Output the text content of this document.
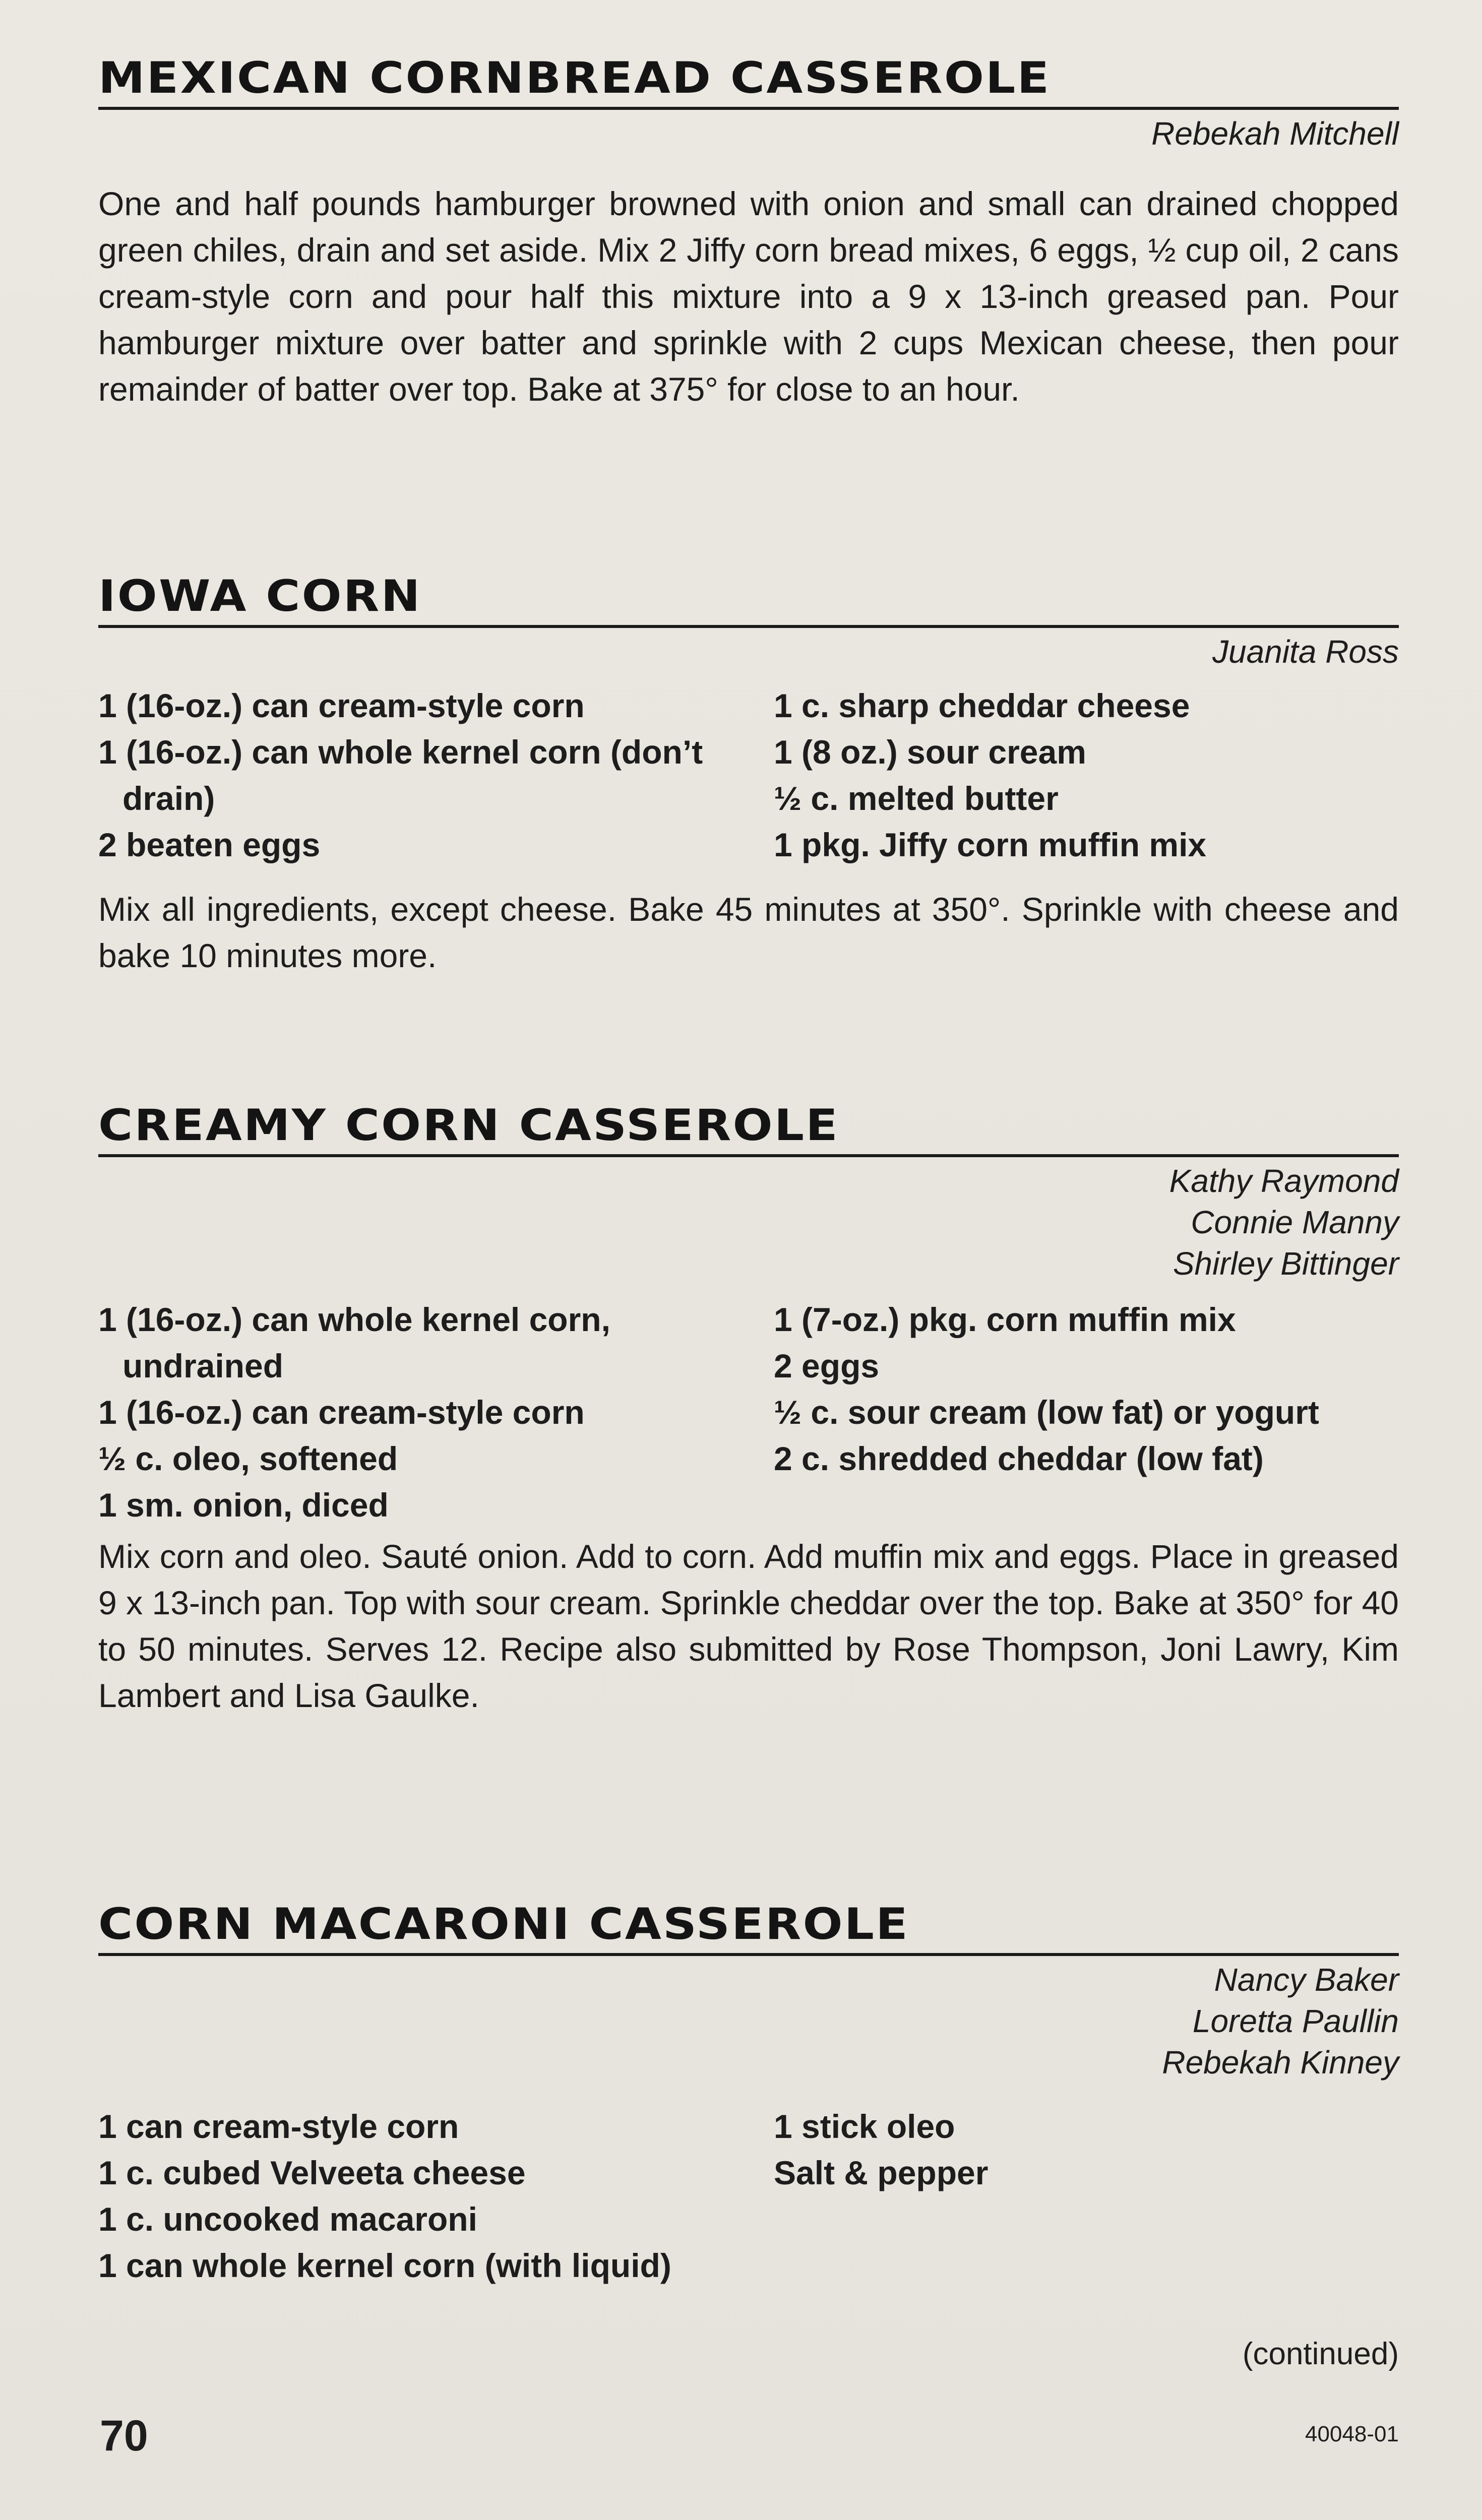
MEXICAN CORNBREAD CASSEROLE
Rebekah Mitchell

One and half pounds hamburger browned with onion and small can drained chopped green chiles, drain and set aside. Mix 2 Jiffy corn bread mixes, 6 eggs, ½ cup oil, 2 cans cream-style corn and pour half this mixture into a 9 x 13-inch greased pan. Pour hamburger mixture over batter and sprinkle with 2 cups Mexican cheese, then pour remainder of batter over top. Bake at 375° for close to an hour.

IOWA CORN
Juanita Ross
1 (16-oz.) can cream-style corn
1 (16-oz.) can whole kernel corn (don’t drain)
2 beaten eggs
1 c. sharp cheddar cheese
1 (8 oz.) sour cream
½ c. melted butter
1 pkg. Jiffy corn muffin mix

Mix all ingredients, except cheese. Bake 45 minutes at 350°. Sprinkle with cheese and bake 10 minutes more.

CREAMY CORN CASSEROLE
Kathy Raymond
Connie Manny
Shirley Bittinger
1 (16-oz.) can whole kernel corn, undrained
1 (16-oz.) can cream-style corn
½ c. oleo, softened
1 sm. onion, diced
1 (7-oz.) pkg. corn muffin mix
2 eggs
½ c. sour cream (low fat) or yogurt
2 c. shredded cheddar (low fat)

Mix corn and oleo. Sauté onion. Add to corn. Add muffin mix and eggs. Place in greased 9 x 13-inch pan. Top with sour cream. Sprinkle cheddar over the top. Bake at 350° for 40 to 50 minutes. Serves 12. Recipe also submitted by Rose Thompson, Joni Lawry, Kim Lambert and Lisa Gaulke.

CORN MACARONI CASSEROLE
Nancy Baker
Loretta Paullin
Rebekah Kinney
1 can cream-style corn
1 c. cubed Velveeta cheese
1 c. uncooked macaroni
1 can whole kernel corn (with liquid)
1 stick oleo
Salt & pepper
(continued)
70	40048-01
